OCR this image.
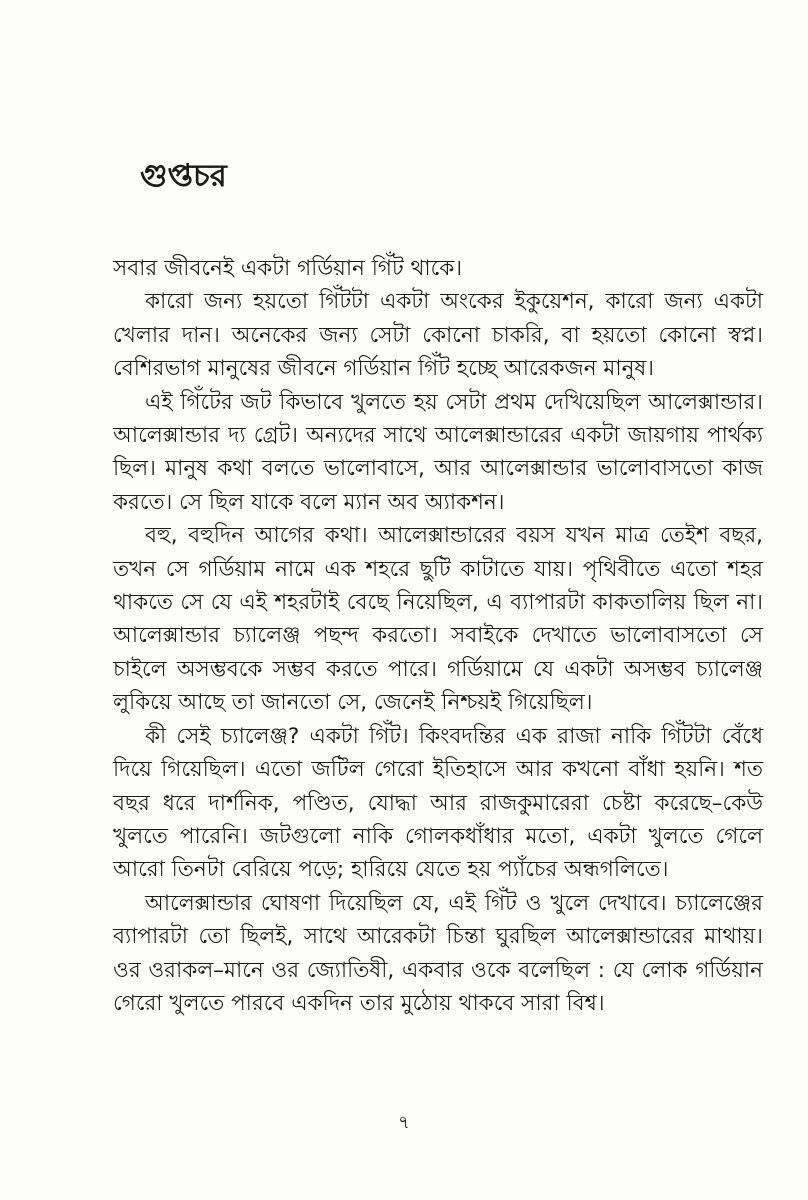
গুপ্তচর

সবার জীবনেই একটা গর্ডিয়ান গিঁট থাকে।

কারো জন্য হয়তো গিঁটটা একটা অংকের ইকুয়েশন, কারো জন্য একটা খেলার দান। অনেকের জন্য সেটা কোনো চাকরি, বা হয়তো কোনো স্বপ্ন। বেশিরভাগ মানুষের জীবনে গর্ডিয়ান গিঁট হচ্ছে আরেকজন মানুষ।

এই গিঁটের জট কিভাবে খুলতে হয় সেটা প্রথম দেখিয়েছিল আলেক্সান্ডার। আলেক্সান্ডার দ্য গ্রেট। অন্যদের সাথে আলেক্সান্ডারের একটা জায়গায় পার্থক্য ছিল। মানুষ কথা বলতে ভালোবাসে, আর আলেক্সান্ডার ভালোবাসতো কাজ করতে। সে ছিল যাকে বলে ম্যান অব অ্যাকশন।

বহু, বহুদিন আগের কথা। আলেক্সান্ডারের বয়স যখন মাত্র তেইশ বছর, তখন সে গর্ডিয়াম নামে এক শহরে ছুটি কাটাতে যায়। পৃথিবীতে এতো শহর থাকতে সে যে এই শহরটাই বেছে নিয়েছিল, এ ব্যাপারটা কাকতালিয় ছিল না। আলেক্সান্ডার চ্যালেঞ্জ পছন্দ করতো। সবাইকে দেখাতে ভালোবাসতো সে চাইলে অসম্ভবকে সম্ভব করতে পারে। গর্ডিয়ামে যে একটা অসম্ভব চ্যালেঞ্জ লুকিয়ে আছে তা জানতো সে, জেনেই নিশ্চয়ই গিয়েছিল।

কী সেই চ্যালেঞ্জ? একটা গিঁট। কিংবদন্তির এক রাজা নাকি গিঁটটা বেঁধে দিয়ে গিয়েছিল। এতো জটিল গেরো ইতিহাসে আর কখনো বাঁধা হয়নি। শত বছর ধরে দার্শনিক, পণ্ডিত, যোদ্ধা আর রাজকুমারেরা চেষ্টা করেছে–কেউ খুলতে পারেনি। জটগুলো নাকি গোলকধাঁধার মতো, একটা খুলতে গেলে আরো তিনটা বেরিয়ে পড়ে; হারিয়ে যেতে হয় প্যাঁচের অন্ধগলিতে।

আলেক্সান্ডার ঘোষণা দিয়েছিল যে, এই গিঁট ও খুলে দেখাবে। চ্যালেঞ্জের ব্যাপারটা তো ছিলই, সাথে আরেকটা চিন্তা ঘুরছিল আলেক্সান্ডারের মাথায়। ওর ওরাকল–মানে ওর জ্যোতিষী, একবার ওকে বলেছিল : যে লোক গর্ডিয়ান গেরো খুলতে পারবে একদিন তার মুঠোয় থাকবে সারা বিশ্ব।

৭
